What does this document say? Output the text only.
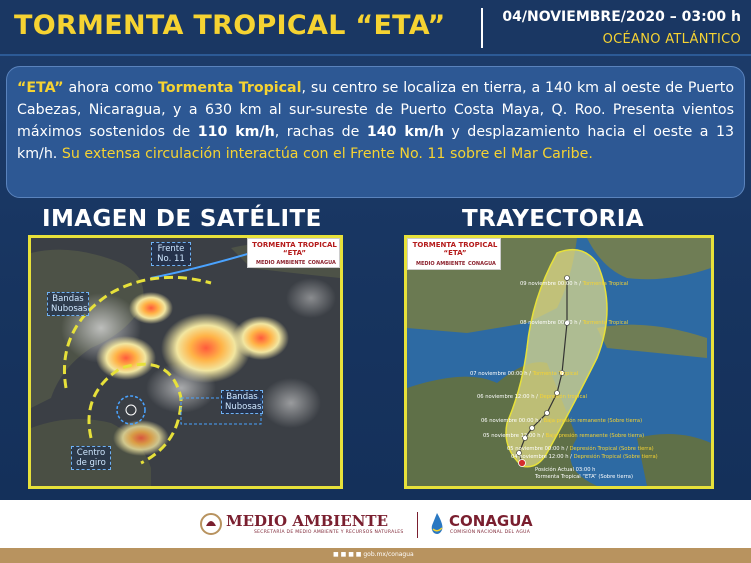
TORMENTA TROPICAL “ETA”	04/NOVIEMBRE/2020 – 03:00 h
OCÉANO ATLÁNTICO

“ETA” ahora como Tormenta Tropical, su centro se localiza en tierra, a 140 km al oeste de Puerto Cabezas, Nicaragua, y a 630 km al sur-sureste de Puerto Costa Maya, Q. Roo. Presenta vientos máximos sostenidos de 110 km/h, rachas de 140 km/h y desplazamiento hacia el oeste a 13 km/h. Su extensa circulación interactúa con el Frente No. 11 sobre el Mar Caribe.

IMAGEN DE SATÉLITE	TRAYECTORIA
Frente
No. 11
Bandas
Nubosas
Bandas
Nubosas
Centro
de giro
TORMENTA TROPICAL
“ETA”
MEDIO AMBIENTE CONAGUA
09 noviembre 00:00 h / Tormenta Tropical
08 noviembre 00:00 h / Tormenta Tropical
07 noviembre 00:00 h / Tormenta Tropical
06 noviembre 12:00 h / Depresión tropical
06 noviembre 00:00 h / Baja presión remanente (Sobre tierra)
05 noviembre 12:00 h / Baja presión remanente (Sobre tierra)
05 noviembre 00:00 h / Depresión Tropical (Sobre tierra)
04 noviembre 12:00 h / Depresión Tropical (Sobre tierra)
Posición Actual 03:00 h
Tormenta Tropical “ETA” (Sobre tierra)
TORMENTA TROPICAL
“ETA”
MEDIO AMBIENTE CONAGUA
MEDIO AMBIENTE
SECRETARÍA DE MEDIO AMBIENTE Y RECURSOS NATURALES
CONAGUA
COMISIÓN NACIONAL DEL AGUA
■ ■ ■ ■ gob.mx/conagua
